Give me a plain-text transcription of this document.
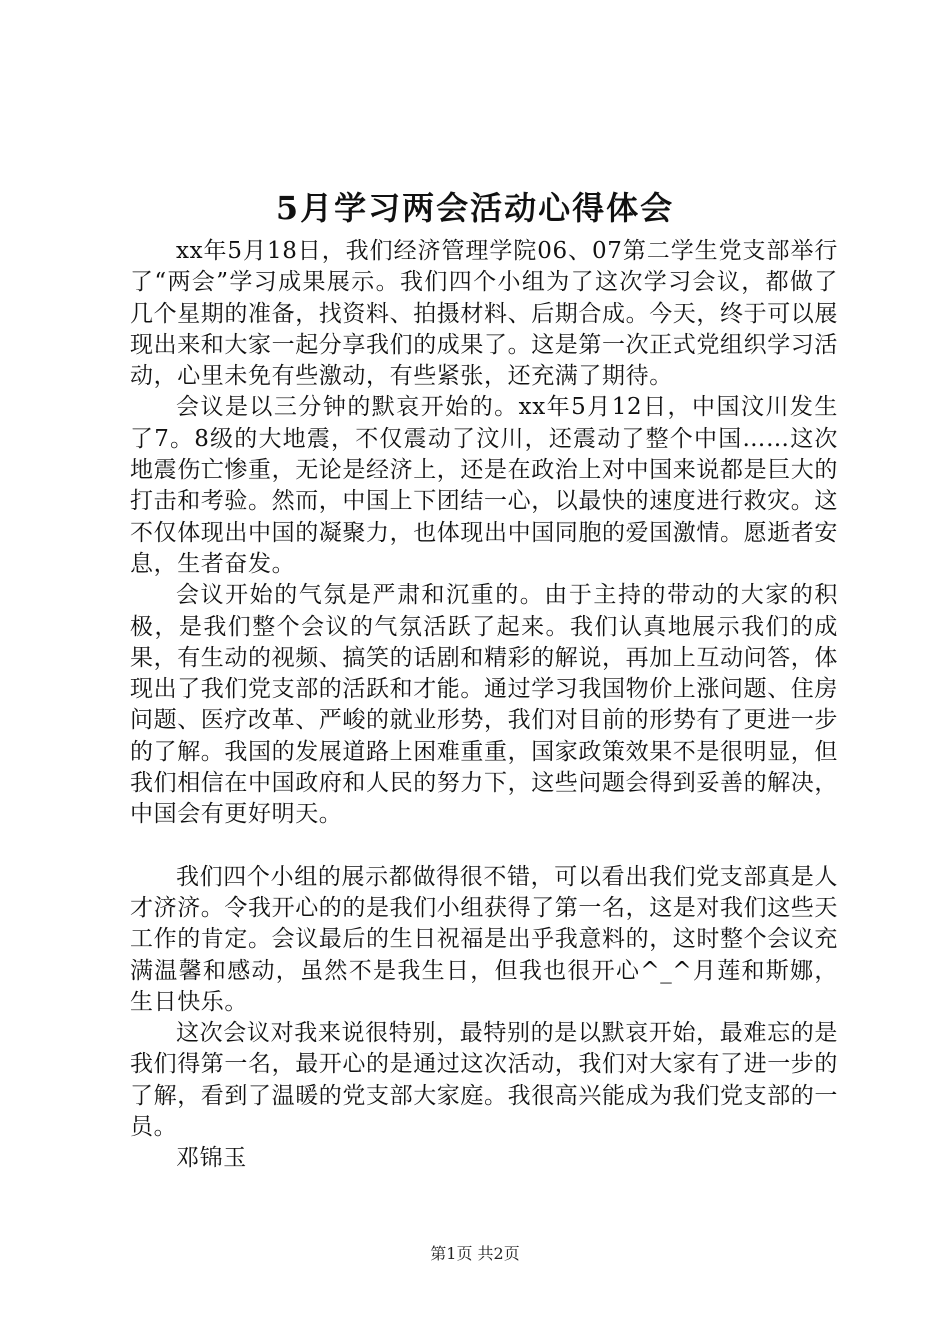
5月学习两会活动心得体会

xx年5月18日，我们经济管理学院06、07第二学生党支部举行了“两会”学习成果展示。我们四个小组为了这次学习会议，都做了几个星期的准备，找资料、拍摄材料、后期合成。今天，终于可以展现出来和大家一起分享我们的成果了。这是第一次正式党组织学习活动，心里未免有些激动，有些紧张，还充满了期待。

会议是以三分钟的默哀开始的。xx年5月12日，中国汶川发生了7。8级的大地震，不仅震动了汶川，还震动了整个中国……这次地震伤亡惨重，无论是经济上，还是在政治上对中国来说都是巨大的打击和考验。然而，中国上下团结一心，以最快的速度进行救灾。这不仅体现出中国的凝聚力，也体现出中国同胞的爱国激情。愿逝者安息，生者奋发。

会议开始的气氛是严肃和沉重的。由于主持的带动的大家的积极，是我们整个会议的气氛活跃了起来。我们认真地展示我们的成果，有生动的视频、搞笑的话剧和精彩的解说，再加上互动问答，体现出了我们党支部的活跃和才能。通过学习我国物价上涨问题、住房问题、医疗改革、严峻的就业形势，我们对目前的形势有了更进一步的了解。我国的发展道路上困难重重，国家政策效果不是很明显，但我们相信在中国政府和人民的努力下，这些问题会得到妥善的解决，中国会有更好明天。

我们四个小组的展示都做得很不错，可以看出我们党支部真是人才济济。令我开心的的是我们小组获得了第一名，这是对我们这些天工作的肯定。会议最后的生日祝福是出乎我意料的，这时整个会议充满温馨和感动，虽然不是我生日，但我也很开心^_^月莲和斯娜，生日快乐。

这次会议对我来说很特别，最特别的是以默哀开始，最难忘的是我们得第一名，最开心的是通过这次活动，我们对大家有了进一步的了解，看到了温暖的党支部大家庭。我很高兴能成为我们党支部的一员。

邓锦玉

第1页 共2页
